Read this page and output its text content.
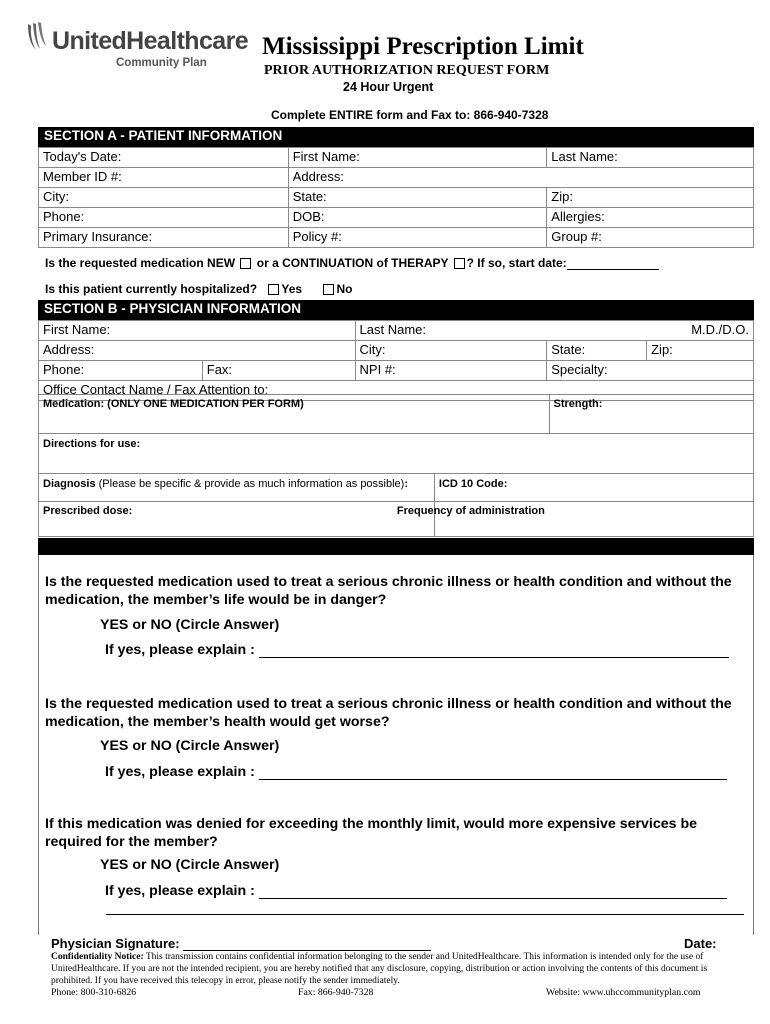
UnitedHealthcare
Community Plan
Mississippi Prescription Limit
PRIOR AUTHORIZATION REQUEST FORM
24 Hour Urgent
Complete ENTIRE form and Fax to: 866-940-7328
SECTION A - PATIENT INFORMATION
Today's Date:	First Name:	Last Name:
Member ID #:	Address:	
City:	State:	Zip:
Phone:	DOB:	Allergies:
Primary Insurance:	Policy #:	Group #:
Is the requested medication NEW or a CONTINUATION of THERAPY ? If so, start date:
Is this patient currently hospitalized? Yes	No
SECTION B - PHYSICIAN INFORMATION
First Name:		Last Name: M.D./D.O.		

Address:		City:	State:	Zip:
Phone:	Fax:	NPI #:	Specialty:	
Office Contact Name / Fax Attention to:				
Medication: (ONLY ONE MEDICATION PER FORM)		Strength:
Directions for use:		
Diagnosis (Please be specific & provide as much information as possible):	ICD 10 Code:	
Prescribed dose:	Frequency of administration	
Is the requested medication used to treat a serious chronic illness or health condition and without the medication, the member’s life would be in danger?
YES or NO (Circle Answer)
If yes, please explain :
Is the requested medication used to treat a serious chronic illness or health condition and without the medication, the member’s health would get worse?
YES or NO (Circle Answer)
If yes, please explain :
If this medication was denied for exceeding the monthly limit, would more expensive services be required for the member?
YES or NO (Circle Answer)
If yes, please explain :
Physician Signature:	Date:
Confidentiality Notice: This transmission contains confidential information belonging to the sender and UnitedHealthcare. This information is intended only for the use of UnitedHealthcare. If you are not the intended recipient, you are hereby notified that any disclosure, copying, distribution or action involving the contents of this document is prohibited. If you have received this telecopy in error, please notify the sender immediately.
Phone: 800-310-6826	Fax: 866-940-7328	Website: www.uhccommunityplan.com
